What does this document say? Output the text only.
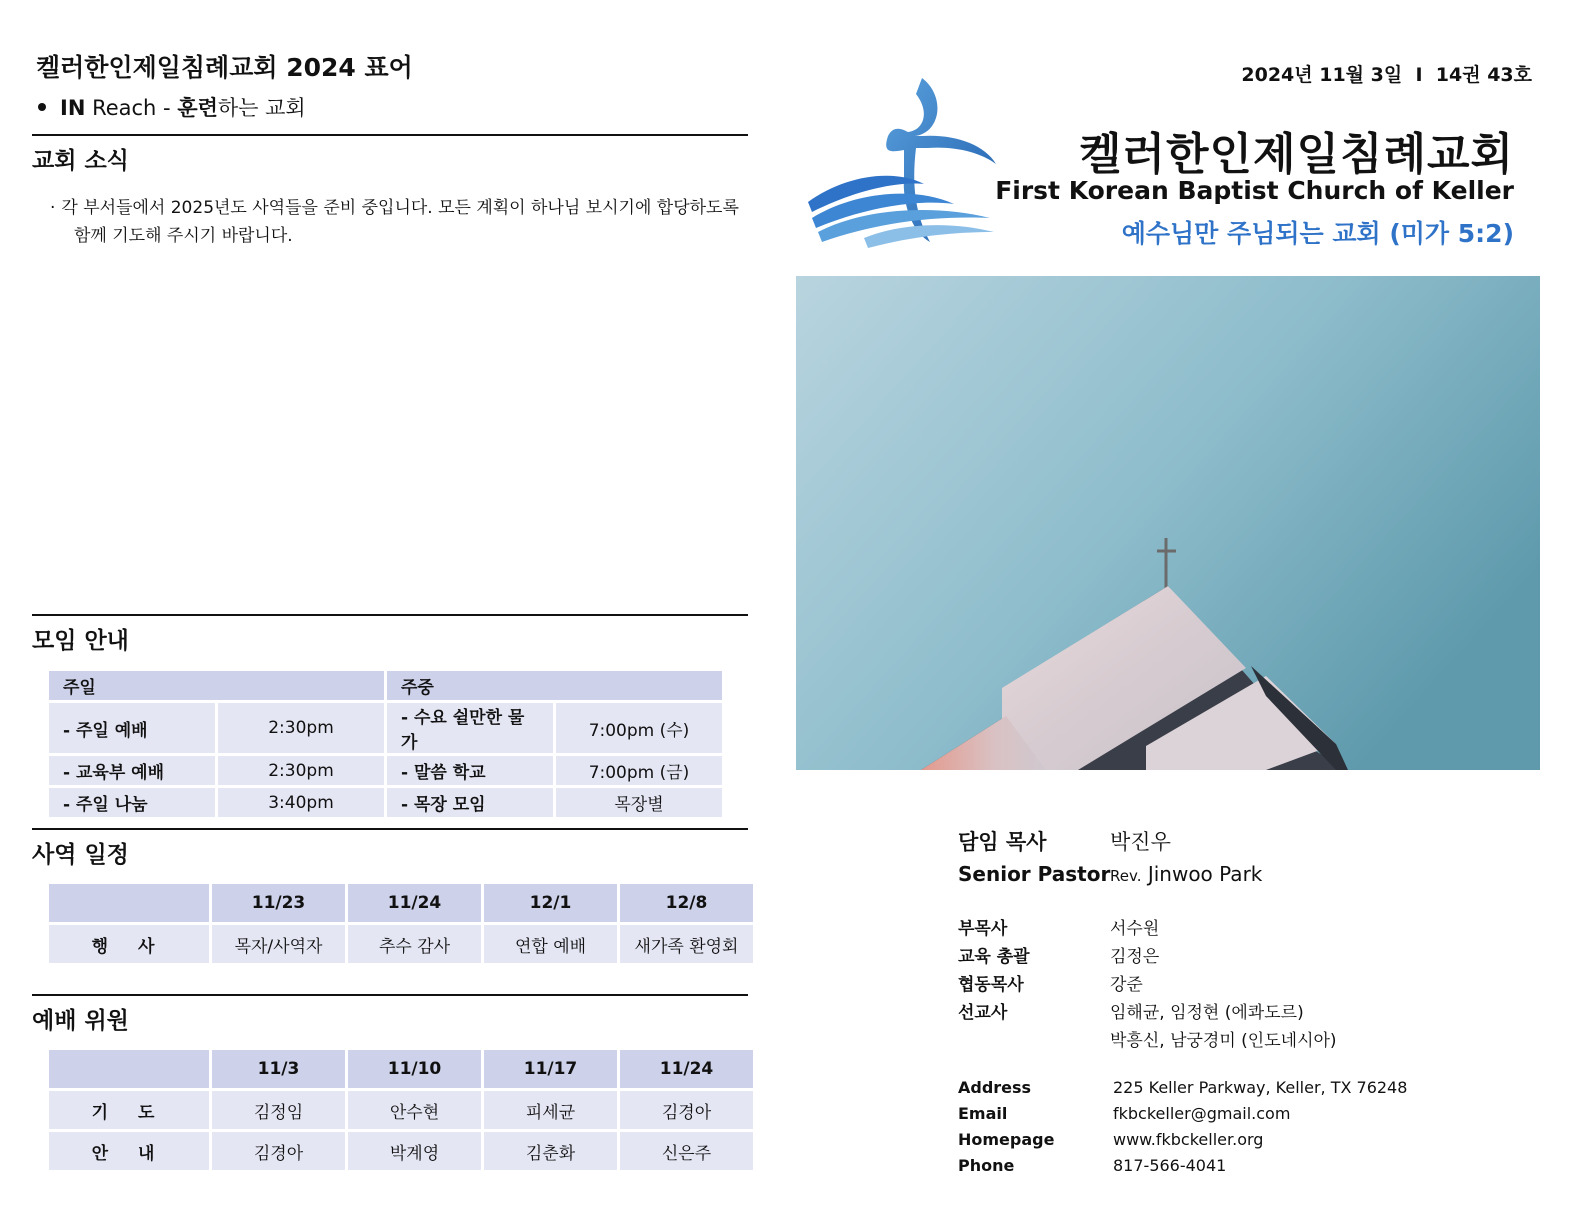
켈러한인제일침례교회 2024 표어
IN Reach - 훈련하는 교회
교회 소식
· 각 부서들에서 2025년도 사역들을 준비 중입니다. 모든 계획이 하나님 보시기에 합당하도록
함께 기도해 주시기 바랍니다.
모임 안내
주일		주중	
- 주일 예배	2:30pm	- 수요 쉴만한 물가	7:00pm (수)
- 교육부 예배	2:30pm	- 말씀 학교	7:00pm (금)
- 주일 나눔	3:40pm	- 목장 모임	목장별
사역 일정
	11/23	11/24	12/1	12/8
행 사	목자/사역자	추수 감사	연합 예배	새가족 환영회
예배 위원
	11/3	11/10	11/17	11/24
기 도	김정임	안수현	피세균	김경아
안 내	김경아	박계영	김춘화	신은주
2024년 11월 3일 I 14권 43호
켈러한인제일침례교회
First Korean Baptist Church of Keller
예수님만 주님되는 교회 (미가 5:2)
담임 목사	박진우
Senior Pastor Rev. Jinwoo Park
부목사	서수원
교육 총괄	김정은
협동목사	강준
선교사	임해균, 임정현 (에콰도르)
박흥신, 남궁경미 (인도네시아)
Address	225 Keller Parkway, Keller, TX 76248
Email	fkbckeller@gmail.com
Homepage	www.fkbckeller.org
Phone	817-566-4041
